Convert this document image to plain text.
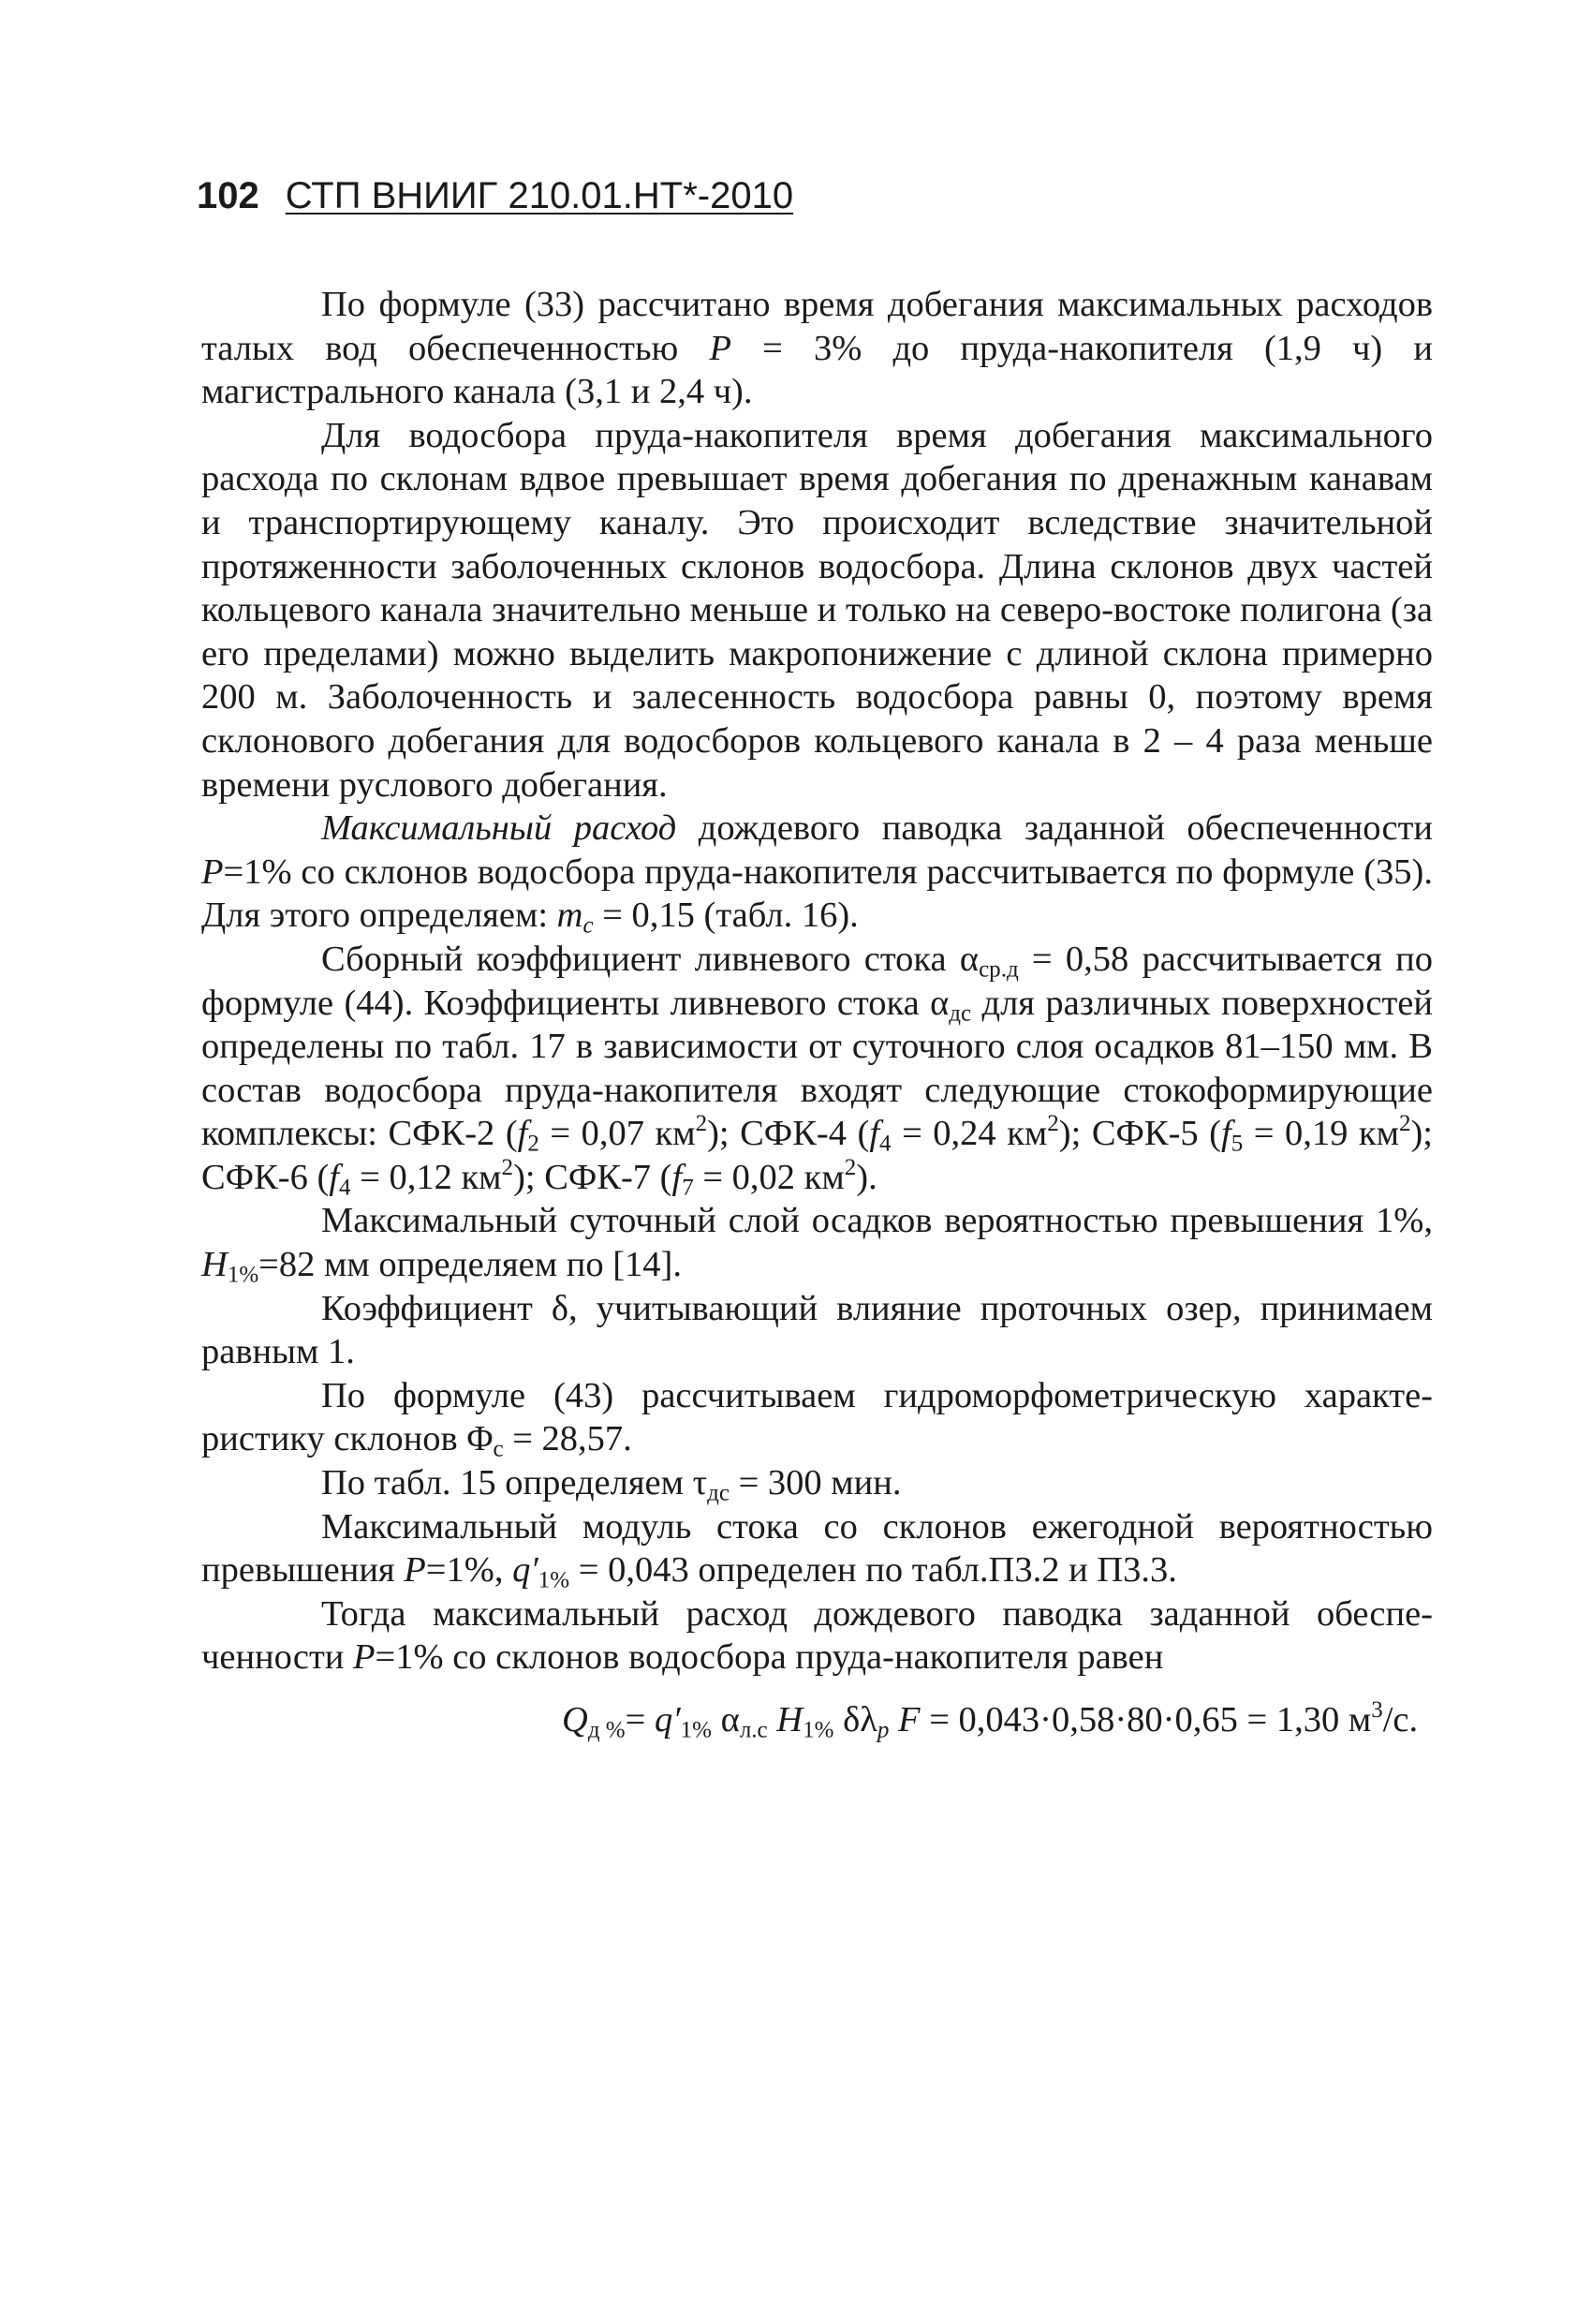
102 СТП ВНИИГ 210.01.НТ*-2010

По формуле (33) рассчитано время добегания максимальных расходов талых вод обеспеченностью P = 3% до пруда-накопителя (1,9 ч) и магистрального канала (3,1 и 2,4 ч).

Для водосбора пруда-накопителя время добегания максимального расхода по склонам вдвое превышает время добегания по дренажным канавам и транспортирующему каналу. Это происходит вследствие значительной протяженности заболоченных склонов водосбора. Длина склонов двух частей кольцевого канала значительно меньше и только на северо-востоке полигона (за его пределами) можно выделить макропонижение с длиной склона примерно 200 м. Заболоченность и залесенность водосбора равны 0, поэтому время склонового добегания для водосборов кольцевого канала в 2 – 4 раза меньше времени руслового добегания.

Максимальный расход дождевого паводка заданной обеспеченности P=1% со склонов водосбора пруда-накопителя рассчитывается по формуле (35). Для этого определяем: $m_c = 0,15$ (табл. 16).

Сборный коэффициент ливневого стока $\alpha_{ср.д} = 0,58$ рассчитывается по формуле (44). Коэффициенты ливневого стока $\alpha_{дс}$ для различных поверхностей определены по табл. 17 в зависимости от суточного слоя осадков 81–150 мм. В состав водосбора пруда-накопителя входят следующие стокоформирующие комплексы: СФК-2 ($f_2 = 0,07$ $км^2$); СФК-4 ($f_4 = 0,24$ $км^2$); СФК-5 ($f_5 = 0,19$ $км^2$); СФК-6 ($f_4 = 0,12$ $км^2$); СФК-7 ($f_7 = 0,02$ $км^2$).

Максимальный суточный слой осадков вероятностью превышения 1%, $H_{1\%}=82$ мм определяем по [14].

Коэффициент δ, учитывающий влияние проточных озер, принимаем равным 1.

По формуле (43) рассчитываем гидроморфометрическую характеристику склонов $\Phi_c = 28,57$.

По табл. 15 определяем $\tau_{дс} = 300$ мин.

Максимальный модуль стока со склонов ежегодной вероятностью превышения P=1%, $q'_{1\%} = 0,043$ определен по табл.П3.2 и П3.3.

Тогда максимальный расход дождевого паводка заданной обеспеченности P=1% со склонов водосбора пруда-накопителя равен

$Q_{д \%}= q'_{1\%}$ $\alpha_{л.с}$ $H_{1\%}$ $\delta\lambda_p$ F = 0,043·0,58·80·0,65 = 1,30 $м^3/с$.
